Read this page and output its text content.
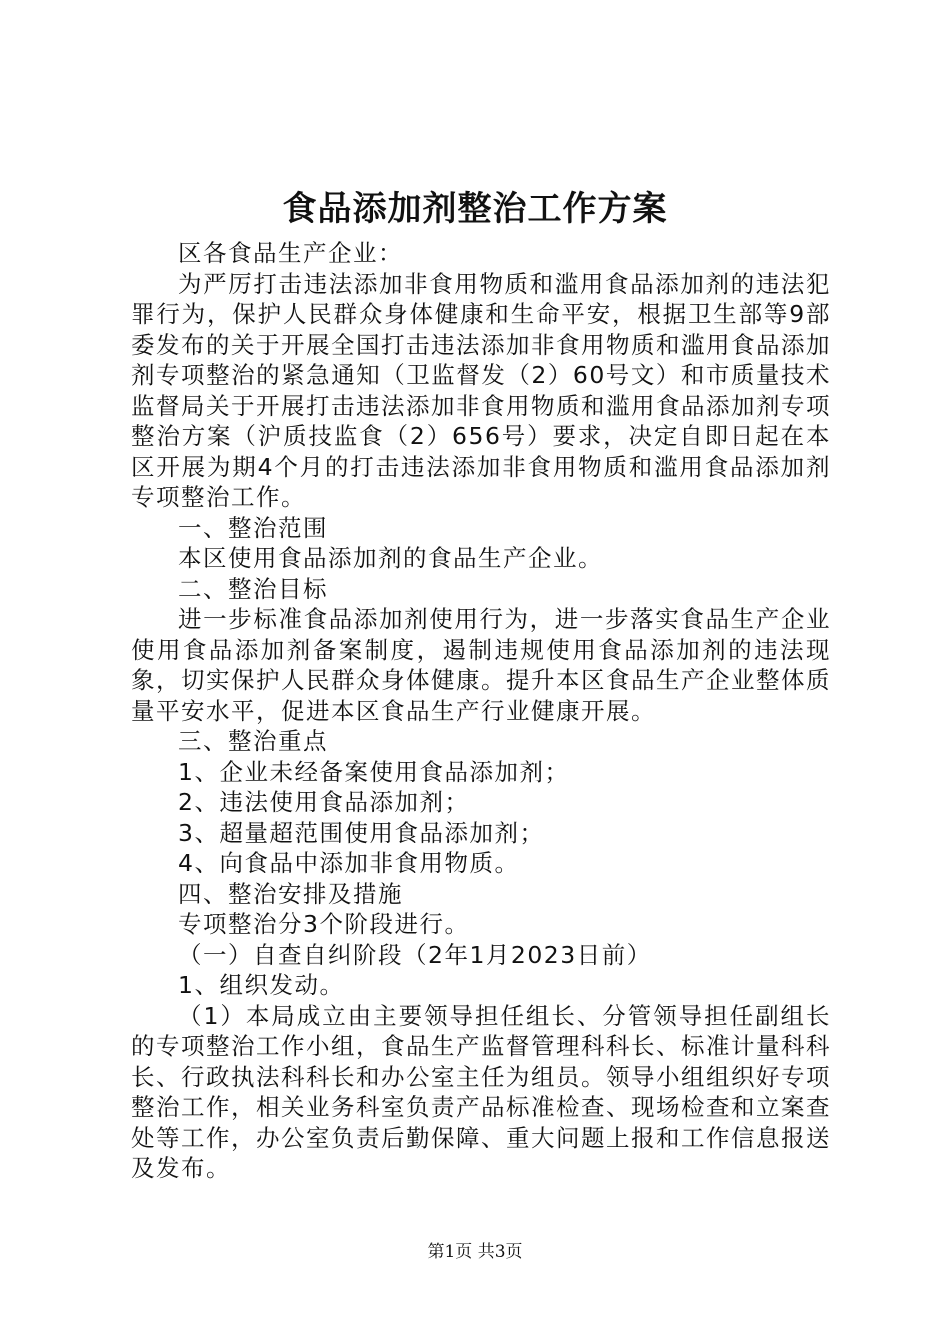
食品添加剂整治工作方案

区各食品生产企业：

为严厉打击违法添加非食用物质和滥用食品添加剂的违法犯罪行为，保护人民群众身体健康和生命平安，根据卫生部等9部委发布的关于开展全国打击违法添加非食用物质和滥用食品添加剂专项整治的紧急通知（卫监督发（2）60号文）和市质量技术监督局关于开展打击违法添加非食用物质和滥用食品添加剂专项整治方案（沪质技监食（2）656号）要求，决定自即日起在本区开展为期4个月的打击违法添加非食用物质和滥用食品添加剂专项整治工作。

一、整治范围

本区使用食品添加剂的食品生产企业。

二、整治目标

进一步标准食品添加剂使用行为，进一步落实食品生产企业使用食品添加剂备案制度，遏制违规使用食品添加剂的违法现象，切实保护人民群众身体健康。提升本区食品生产企业整体质量平安水平，促进本区食品生产行业健康开展。

三、整治重点

1、企业未经备案使用食品添加剂；

2、违法使用食品添加剂；

3、超量超范围使用食品添加剂；

4、向食品中添加非食用物质。

四、整治安排及措施

专项整治分3个阶段进行。

（一）自查自纠阶段（2年1月2023日前）

1、组织发动。

（1）本局成立由主要领导担任组长、分管领导担任副组长的专项整治工作小组，食品生产监督管理科科长、标准计量科科长、行政执法科科长和办公室主任为组员。领导小组组织好专项整治工作，相关业务科室负责产品标准检查、现场检查和立案查处等工作，办公室负责后勤保障、重大问题上报和工作信息报送及发布。

第1页 共3页
